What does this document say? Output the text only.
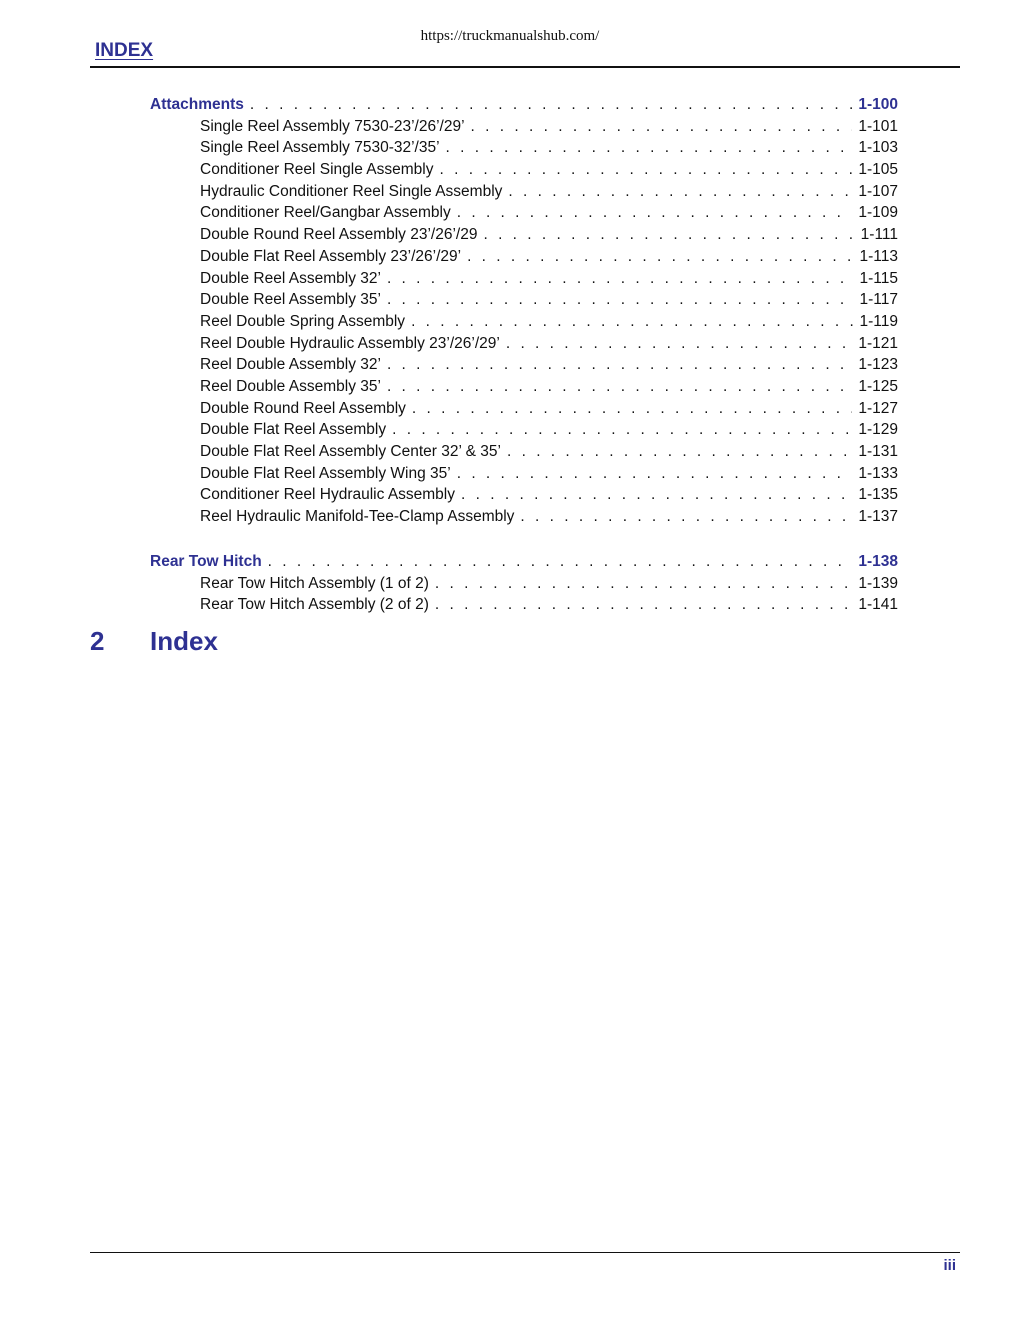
https://truckmanualshub.com/
INDEX
Attachments . . .	1-100
Single Reel Assembly 7530-23’/26’/29’ . . .	1-101
Single Reel Assembly 7530-32’/35’ . . .	1-103
Conditioner Reel Single Assembly . . .	1-105
Hydraulic Conditioner Reel Single Assembly . . .	1-107
Conditioner Reel/Gangbar Assembly . . .	1-109
Double Round Reel Assembly 23’/26’/29 . . .	1-111
Double Flat Reel Assembly 23’/26’/29’ . . .	1-113
Double Reel Assembly 32’ . . .	1-115
Double Reel Assembly 35’ . . .	1-117
Reel Double Spring Assembly . . .	1-119
Reel Double Hydraulic Assembly 23’/26’/29’ . . .	1-121
Reel Double Assembly 32’ . . .	1-123
Reel Double Assembly 35’ . . .	1-125
Double Round Reel Assembly . . .	1-127
Double Flat Reel Assembly . . .	1-129
Double Flat Reel Assembly Center 32’ & 35’ . . .	1-131
Double Flat Reel Assembly Wing 35’ . . .	1-133
Conditioner Reel Hydraulic Assembly . . .	1-135
Reel Hydraulic Manifold-Tee-Clamp Assembly . . .	1-137
Rear Tow Hitch . . .	1-138
Rear Tow Hitch Assembly (1 of 2) . . .	1-139
Rear Tow Hitch Assembly (2 of 2) . . .	1-141
2 Index
iii
